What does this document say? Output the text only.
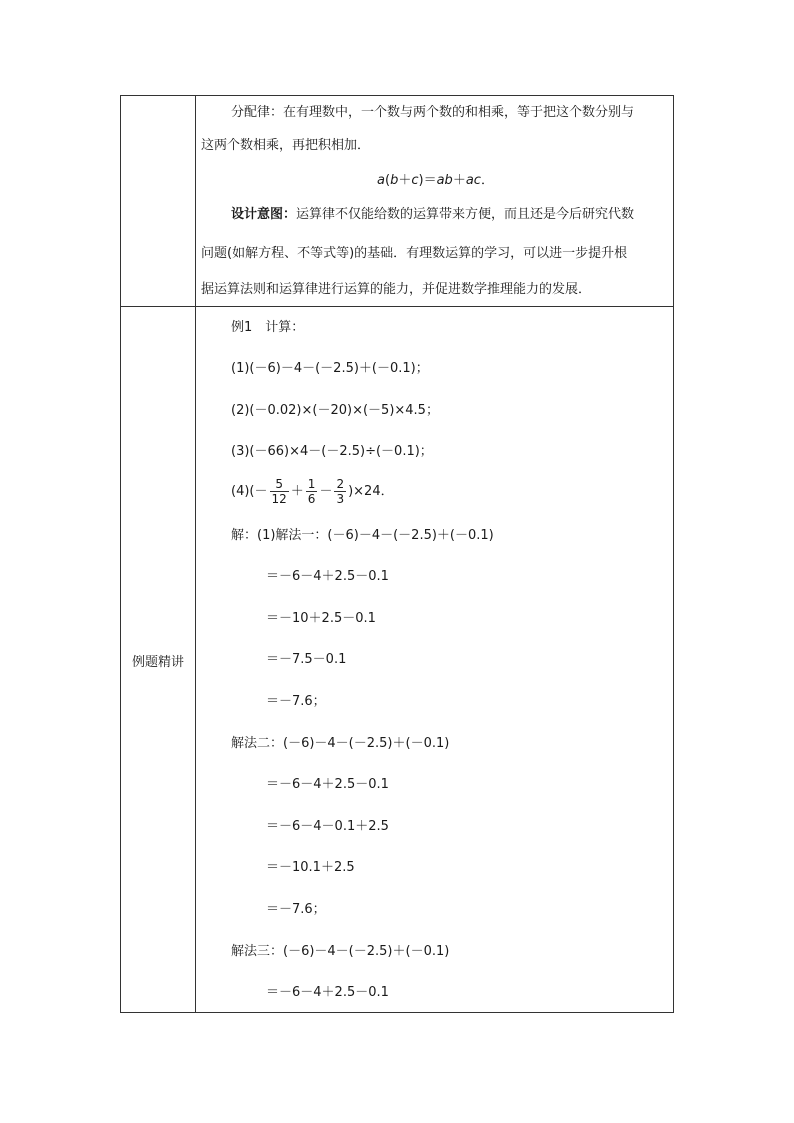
分配律：在有理数中，一个数与两个数的和相乘，等于把这个数分别与
这两个数相乘，再把积相加．
a(b＋c)＝ab＋ac．
设计意图：运算律不仅能给数的运算带来方便，而且还是今后研究代数
问题(如解方程、不等式等)的基础．有理数运算的学习，可以进一步提升根
据运算法则和运算律进行运算的能力，并促进数学推理能力的发展．
例题精讲
例1　计算：
(1)(－6)－4－(－2.5)＋(－0.1)；
(2)(－0.02)×(－20)×(－5)×4.5；
(3)(－66)×4－(－2.5)÷(－0.1)；
$(4)(- \frac{5}{12} + \frac{1}{6} - \frac{2}{3} )\times 24$．
解：(1)解法一：(－6)－4－(－2.5)＋(－0.1)
＝－6－4＋2.5－0.1
＝－10＋2.5－0.1
＝－7.5－0.1
＝－7.6；
解法二：(－6)－4－(－2.5)＋(－0.1)
＝－6－4＋2.5－0.1
＝－6－4－0.1＋2.5
＝－10.1＋2.5
＝－7.6；
解法三：(－6)－4－(－2.5)＋(－0.1)
＝－6－4＋2.5－0.1
